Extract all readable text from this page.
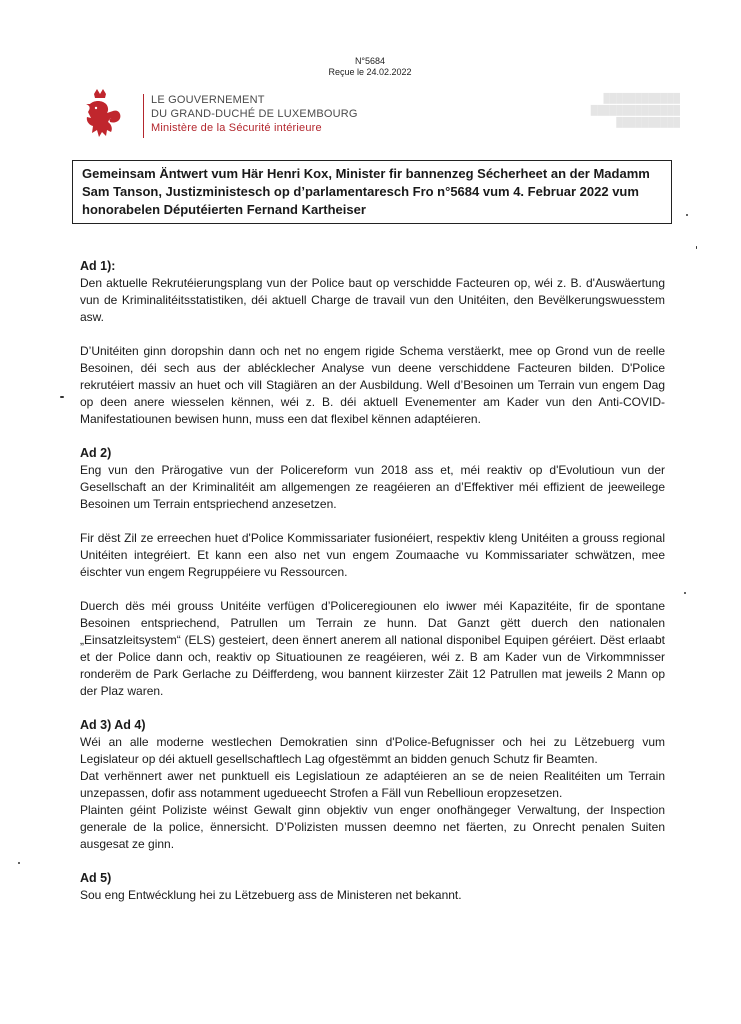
N°5684
Reçue le 24.02.2022
LE GOUVERNEMENT
DU GRAND-DUCHÉ DE LUXEMBOURG
Ministère de la Sécurité intérieure
████████████
██████████████
██████████
Gemeinsam Äntwert vum Här Henri Kox, Minister fir bannenzeg Sécherheet an der Madamm Sam Tanson, Justizministesch op d’parlamentaresch Fro n°5684 vum 4. Februar 2022 vum honorabelen Députéierten Fernand Kartheiser

Ad 1):

Den aktuelle Rekrutéierungsplang vun der Police baut op verschidde Facteuren op, wéi z. B. d'Auswäertung vun de Kriminalitéitsstatistiken, déi aktuell Charge de travail vun den Unitéiten, den Bevëlkerungswuesstem asw.

D’Unitéiten ginn doropshin dann och net no engem rigide Schema verstäerkt, mee op Grond vun de reelle Besoinen, déi sech aus der ablécklecher Analyse vun deene verschiddene Facteuren bilden. D'Police rekrutéiert massiv an huet och vill Stagiären an der Ausbildung. Well d’Besoinen um Terrain vun engem Dag op deen anere wiesselen kënnen, wéi z. B. déi aktuell Evenementer am Kader vun den Anti-COVID-Manifestatiounen bewisen hunn, muss een dat flexibel kënnen adaptéieren.

Ad 2)

Eng vun den Prärogative vun der Policereform vun 2018 ass et, méi reaktiv op d'Evolutioun vun der Gesellschaft an der Kriminalitéit am allgemengen ze reagéieren an d’Effektiver méi effizient de jeeweilege Besoinen um Terrain entspriechend anzesetzen.

Fir dëst Zil ze erreechen huet d'Police Kommissariater fusionéiert, respektiv kleng Unitéiten a grouss regional Unitéiten integréiert. Et kann een also net vun engem Zoumaache vu Kommissariater schwätzen, mee éischter vun engem Regruppéiere vu Ressourcen.

Duerch dës méi grouss Unitéite verfügen d’Policeregiounen elo iwwer méi Kapazitéite, fir de spontane Besoinen entspriechend, Patrullen um Terrain ze hunn. Dat Ganzt gëtt duerch den nationalen „Einsatzleitsystem“ (ELS) gesteiert, deen ënnert anerem all national disponibel Equipen géréiert. Dëst erlaabt et der Police dann och, reaktiv op Situatiounen ze reagéieren, wéi z. B am Kader vun de Virkommnisser ronderëm de Park Gerlache zu Déifferdeng, wou bannent kiirzester Zäit 12 Patrullen mat jeweils 2 Mann op der Plaz waren.

Ad 3) Ad 4)

Wéi an alle moderne westlechen Demokratien sinn d'Police-Befugnisser och hei zu Lëtzebuerg vum Legislateur op déi aktuell gesellschaftlech Lag ofgestëmmt an bidden genuch Schutz fir Beamten.

Dat verhënnert awer net punktuell eis Legislatioun ze adaptéieren an se de neien Realitéiten um Terrain unzepassen, dofir ass notamment ugedueecht Strofen a Fäll vun Rebellioun eropzesetzen.

Plainten géint Poliziste wéinst Gewalt ginn objektiv vun enger onofhängeger Verwaltung, der Inspection generale de la police, ënnersicht. D’Polizisten mussen deemno net fäerten, zu Onrecht penalen Suiten ausgesat ze ginn.

Ad 5)

Sou eng Entwécklung hei zu Lëtzebuerg ass de Ministeren net bekannt.
